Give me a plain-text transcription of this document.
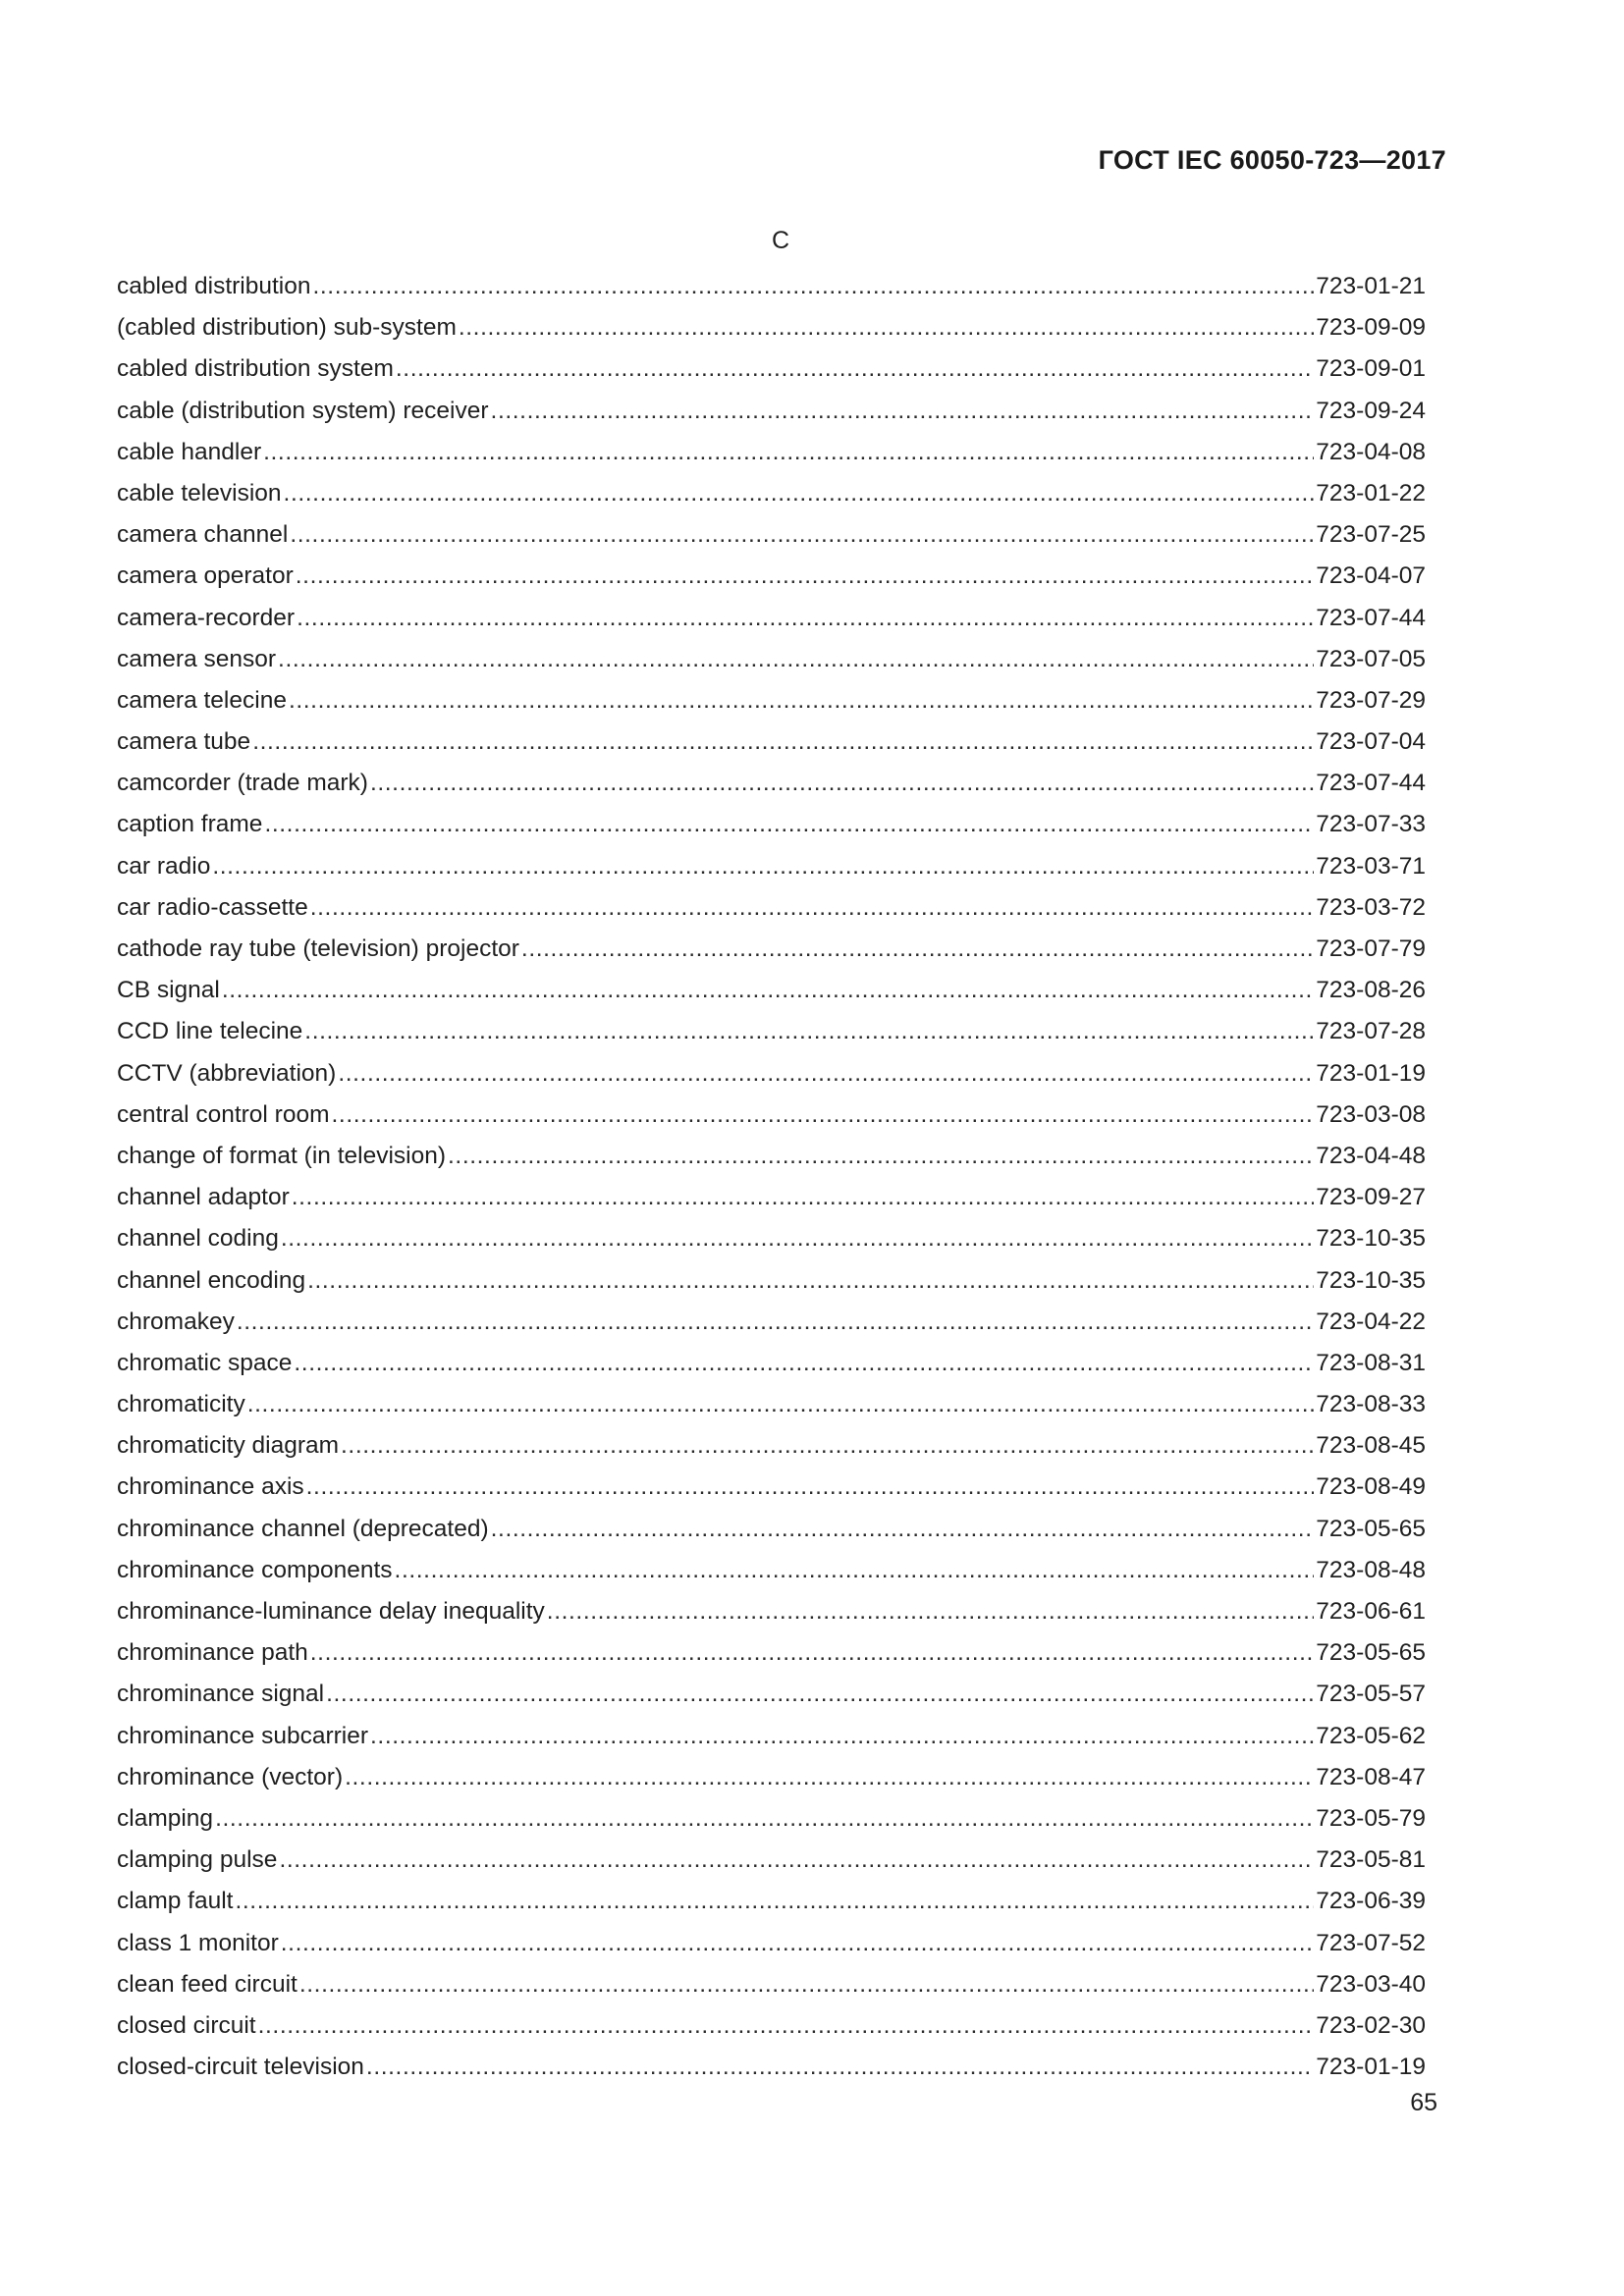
ГОСТ IEC 60050-723—2017
C
cabled distribution .....	723-01-21
(cabled distribution) sub-system .....	723-09-09
cabled distribution system .....	723-09-01
cable (distribution system) receiver .....	723-09-24
cable handler .....	723-04-08
cable television .....	723-01-22
camera channel .....	723-07-25
camera operator .....	723-04-07
camera-recorder .....	723-07-44
camera sensor .....	723-07-05
camera telecine .....	723-07-29
camera tube .....	723-07-04
camcorder (trade mark) .....	723-07-44
caption frame .....	723-07-33
car radio .....	723-03-71
car radio-cassette .....	723-03-72
cathode ray tube (television) projector .....	723-07-79
CB signal .....	723-08-26
CCD line telecine .....	723-07-28
CCTV (abbreviation) .....	723-01-19
central control room .....	723-03-08
change of format (in television) .....	723-04-48
channel adaptor .....	723-09-27
channel coding .....	723-10-35
channel encoding .....	723-10-35
chromakey .....	723-04-22
chromatic space .....	723-08-31
chromaticity .....	723-08-33
chromaticity diagram .....	723-08-45
chrominance axis .....	723-08-49
chrominance channel (deprecated) .....	723-05-65
chrominance components .....	723-08-48
chrominance-luminance delay inequality .....	723-06-61
chrominance path .....	723-05-65
chrominance signal .....	723-05-57
chrominance subcarrier .....	723-05-62
chrominance (vector) .....	723-08-47
clamping .....	723-05-79
clamping pulse .....	723-05-81
clamp fault .....	723-06-39
class 1 monitor .....	723-07-52
clean feed circuit .....	723-03-40
closed circuit .....	723-02-30
closed-circuit television .....	723-01-19
65
